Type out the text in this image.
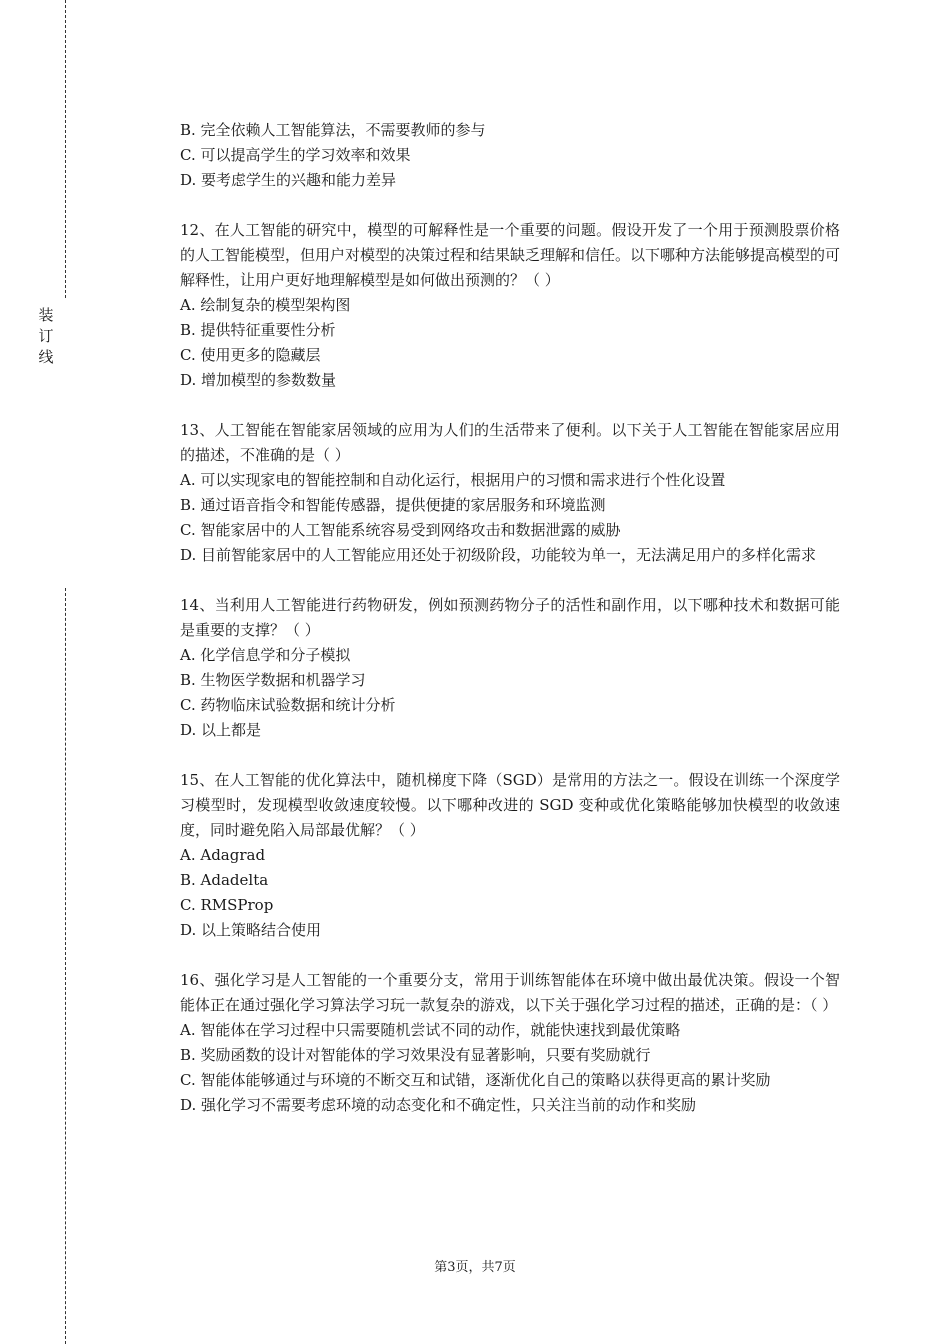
装
订
线
B. 完全依赖人工智能算法，不需要教师的参与
C. 可以提高学生的学习效率和效果
D. 要考虑学生的兴趣和能力差异
12、在人工智能的研究中，模型的可解释性是一个重要的问题。假设开发了一个用于预测股票价格的人工智能模型，但用户对模型的决策过程和结果缺乏理解和信任。以下哪种方法能够提高模型的可解释性，让用户更好地理解模型是如何做出预测的？（ ）
A. 绘制复杂的模型架构图
B. 提供特征重要性分析
C. 使用更多的隐藏层
D. 增加模型的参数数量
13、人工智能在智能家居领域的应用为人们的生活带来了便利。以下关于人工智能在智能家居应用的描述，不准确的是（ ）
A. 可以实现家电的智能控制和自动化运行，根据用户的习惯和需求进行个性化设置
B. 通过语音指令和智能传感器，提供便捷的家居服务和环境监测
C. 智能家居中的人工智能系统容易受到网络攻击和数据泄露的威胁
D. 目前智能家居中的人工智能应用还处于初级阶段，功能较为单一，无法满足用户的多样化需求
14、当利用人工智能进行药物研发，例如预测药物分子的活性和副作用，以下哪种技术和数据可能是重要的支撑？（ ）
A. 化学信息学和分子模拟
B. 生物医学数据和机器学习
C. 药物临床试验数据和统计分析
D. 以上都是
15、在人工智能的优化算法中，随机梯度下降（SGD）是常用的方法之一。假设在训练一个深度学习模型时，发现模型收敛速度较慢。以下哪种改进的 SGD 变种或优化策略能够加快模型的收敛速度，同时避免陷入局部最优解？（ ）
A. Adagrad
B. Adadelta
C. RMSProp
D. 以上策略结合使用
16、强化学习是人工智能的一个重要分支，常用于训练智能体在环境中做出最优决策。假设一个智能体正在通过强化学习算法学习玩一款复杂的游戏，以下关于强化学习过程的描述，正确的是：（ ）
A. 智能体在学习过程中只需要随机尝试不同的动作，就能快速找到最优策略
B. 奖励函数的设计对智能体的学习效果没有显著影响，只要有奖励就行
C. 智能体能够通过与环境的不断交互和试错，逐渐优化自己的策略以获得更高的累计奖励
D. 强化学习不需要考虑环境的动态变化和不确定性，只关注当前的动作和奖励
第3页，共7页
